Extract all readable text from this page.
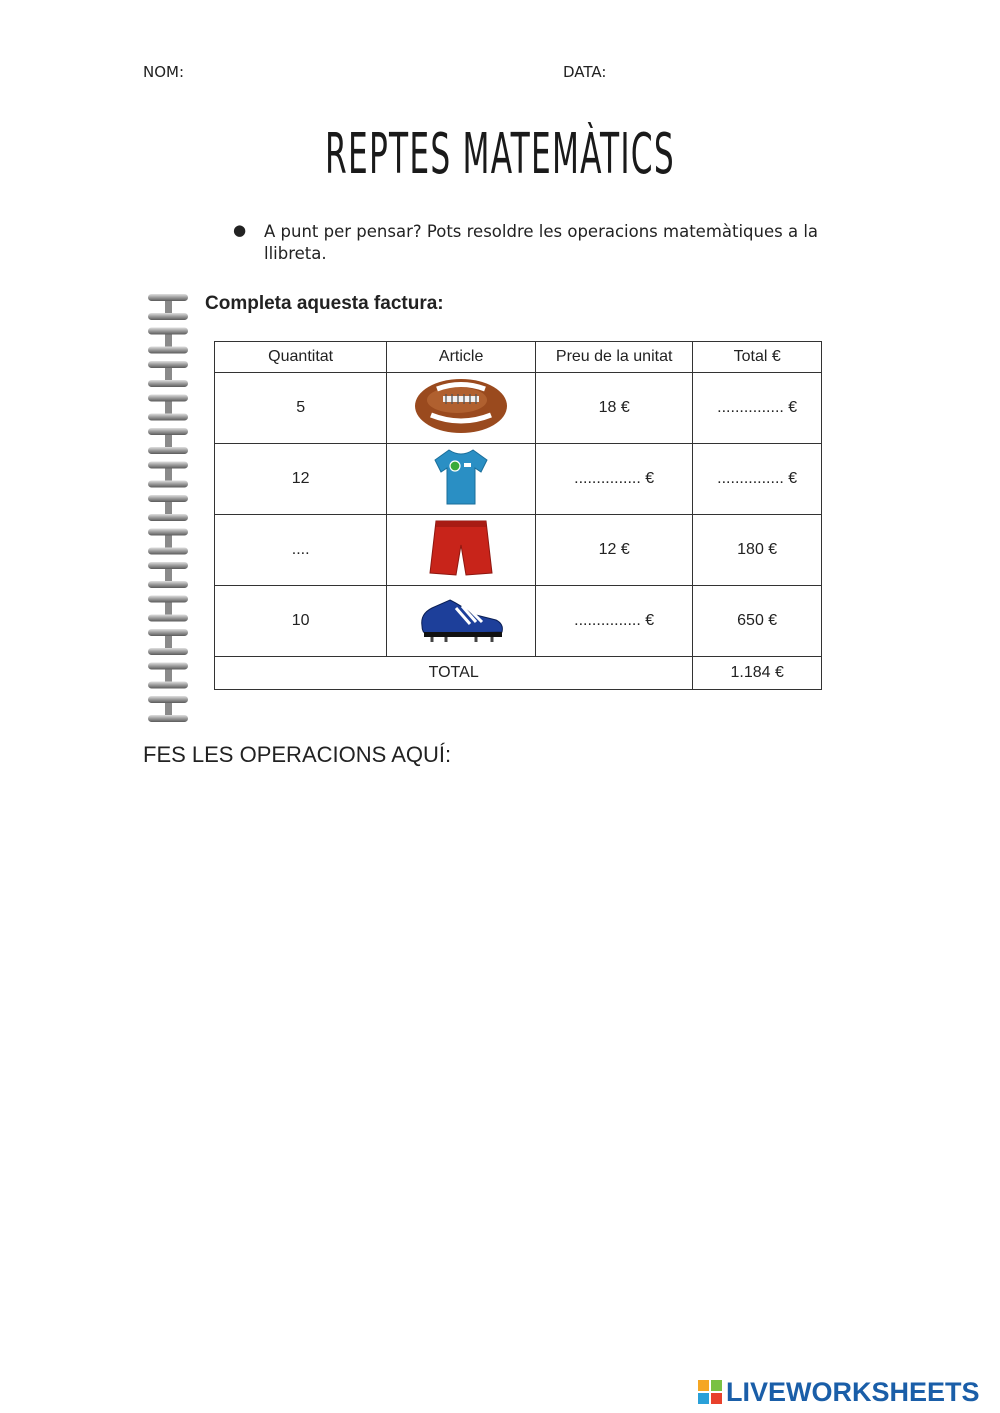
NOM:	DATA:
REPTES MATEMÀTICS
● A punt per pensar? Pots resoldre les operacions matemàtiques a la llibreta.
Completa aquesta factura:
Quantitat	Article	Preu de la unitat	Total €
5		18 €	............... €
12		............... €	............... €
....		12 €	180 €
10		............... €	650 €
TOTAL			1.184 €
FES LES OPERACIONS AQUÍ:
LIVEWORKSHEETS
